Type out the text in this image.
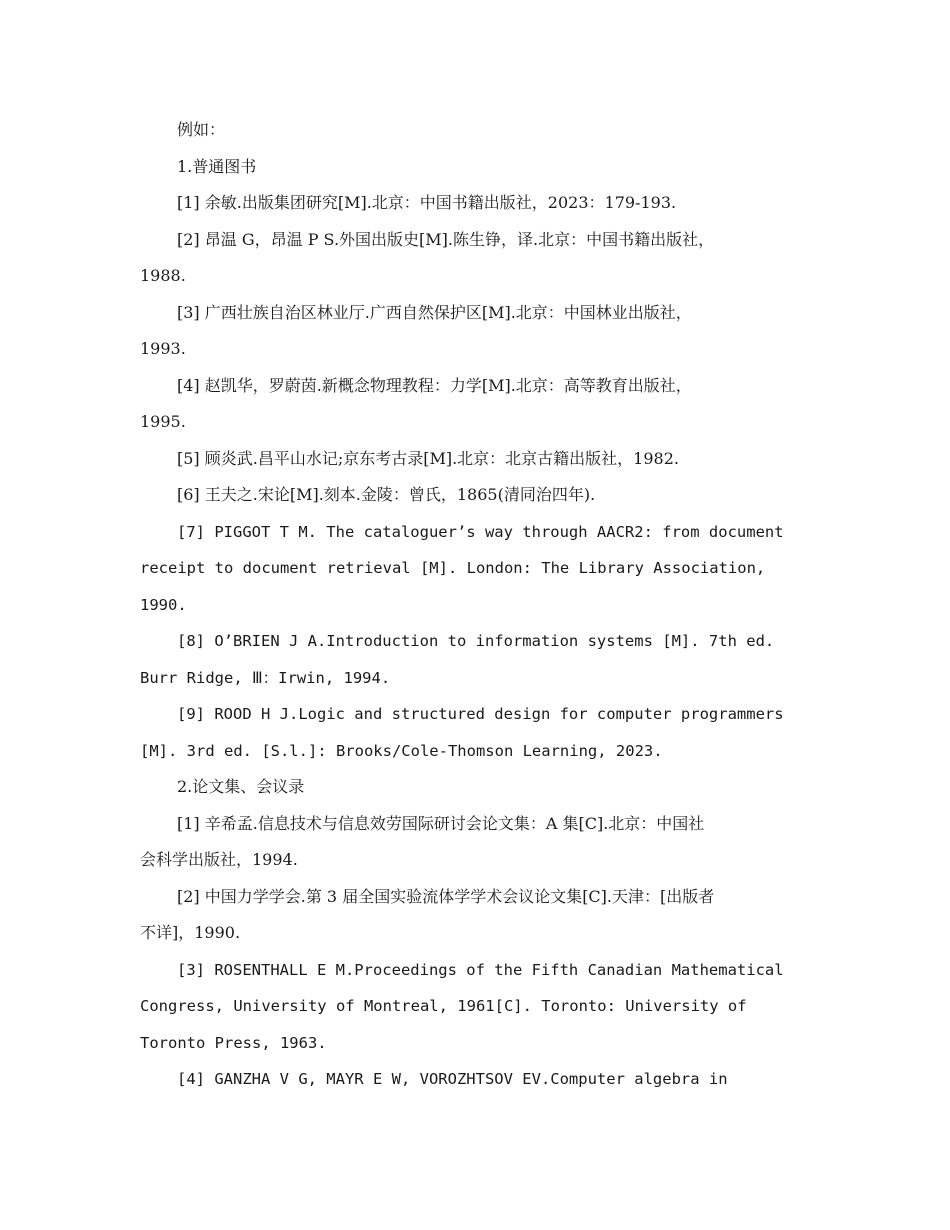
例如：
1.普通图书
[1] 余敏.出版集团研究[M].北京：中国书籍出版社，2023：179-193.
[2] 昂温 G，昂温 P S.外国出版史[M].陈生铮，译.北京：中国书籍出版社，
1988.
[3] 广西壮族自治区林业厅.广西自然保护区[M].北京：中国林业出版社，
1993.
[4] 赵凯华，罗蔚茵.新概念物理教程：力学[M].北京：高等教育出版社，
1995.
[5] 顾炎武.昌平山水记;京东考古录[M].北京：北京古籍出版社，1982.
[6] 王夫之.宋论[M].刻本.金陵：曾氏，1865(清同治四年).
[7] PIGGOT T M. The cataloguer’s way through AACR2: from document
receipt to document retrieval [M]. London: The Library Association,
1990.
[8] O’BRIEN J A.Introduction to information systems [M]. 7th ed.
Burr Ridge, Ⅲ：Irwin, 1994.
[9] ROOD H J.Logic and structured design for computer programmers
[M]. 3rd ed. [S.l.]: Brooks/Cole-Thomson Learning, 2023.
2.论文集、会议录
[1] 辛希孟.信息技术与信息效劳国际研讨会论文集：A 集[C].北京：中国社
会科学出版社，1994.
[2] 中国力学学会.第 3 届全国实验流体学学术会议论文集[C].天津：[出版者
不详]，1990.
[3] ROSENTHALL E M.Proceedings of the Fifth Canadian Mathematical
Congress, University of Montreal, 1961[C]. Toronto: University of
Toronto Press, 1963.
[4] GANZHA V G, MAYR E W, VOROZHTSOV EV.Computer algebra in
